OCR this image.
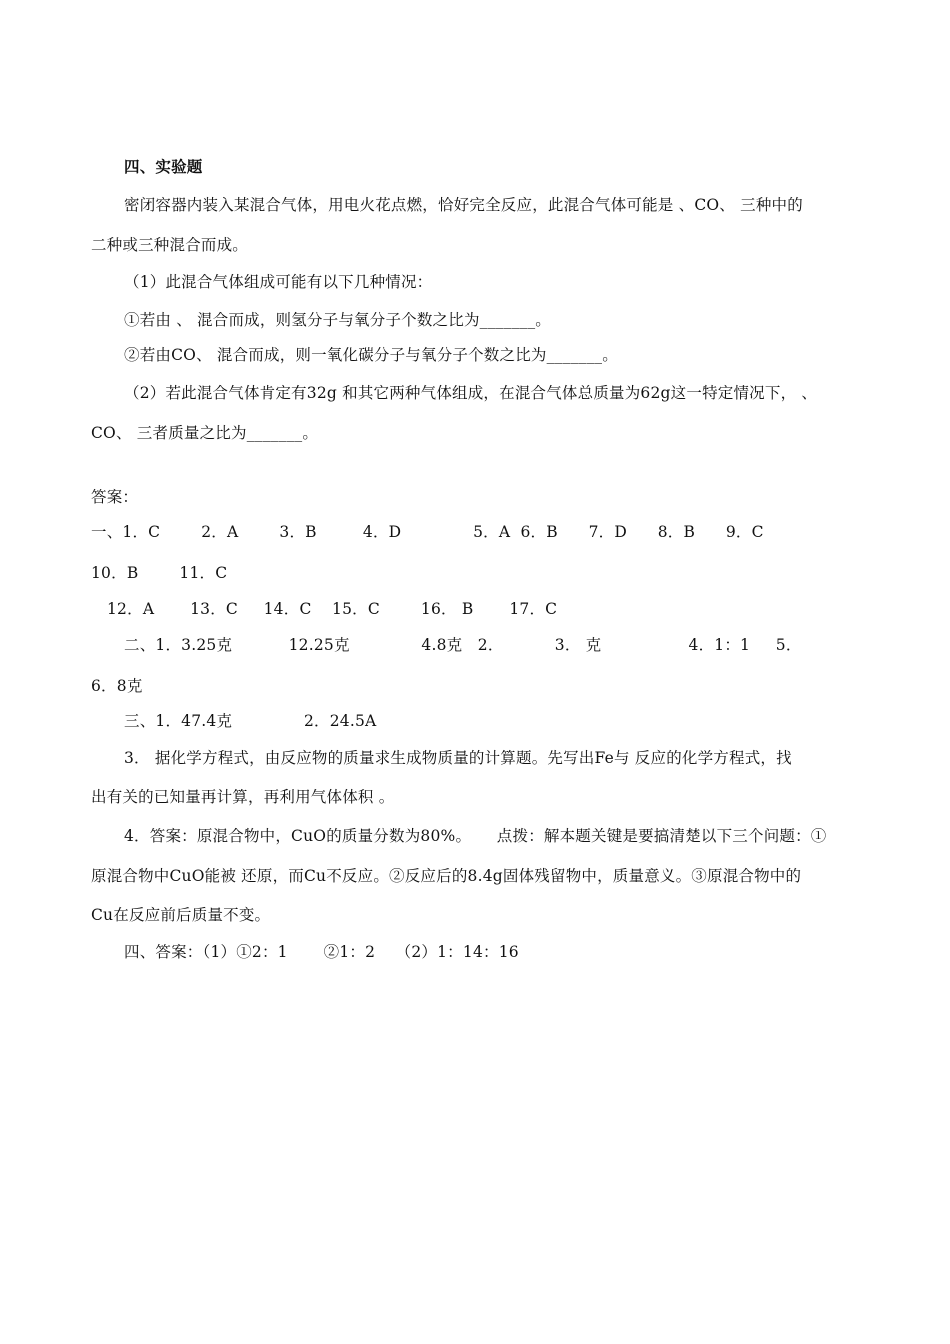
四、实验题
密闭容器内装入某混合气体，用电火花点燃，恰好完全反应，此混合气体可能是 、CO、 三种中的
二种或三种混合而成。
（1）此混合气体组成可能有以下几种情况：
①若由 、 混合而成，则氢分子与氧分子个数之比为_______。
②若由CO、 混合而成，则一氧化碳分子与氧分子个数之比为_______。
（2）若此混合气体肯定有32g 和其它两种气体组成，在混合气体总质量为62g这一特定情况下， 、
CO、 三者质量之比为_______。
答案：
一、1．C        2．A        3．B         4．D              5．A  6．B      7．D      8．B      9．C
10．B        11．C
12．A       13．C     14．C    15．C        16． B       17．C
二、1．3.25克           12.25克              4.8克   2．          3． 克                 4．1：1     5．
6．8克
三、1．47.4克              2．24.5A
3． 据化学方程式，由反应物的质量求生成物质量的计算题。先写出Fe与 反应的化学方程式，找
出有关的已知量再计算，再利用气体体积 。
4．答案：原混合物中，CuO的质量分数为80%。     点拨：解本题关键是要搞清楚以下三个问题：①
原混合物中CuO能被 还原，而Cu不反应。②反应后的8.4g固体残留物中，质量意义。③原混合物中的
Cu在反应前后质量不变。
四、答案：（1）①2：1       ②1：2    （2）1：14：16
